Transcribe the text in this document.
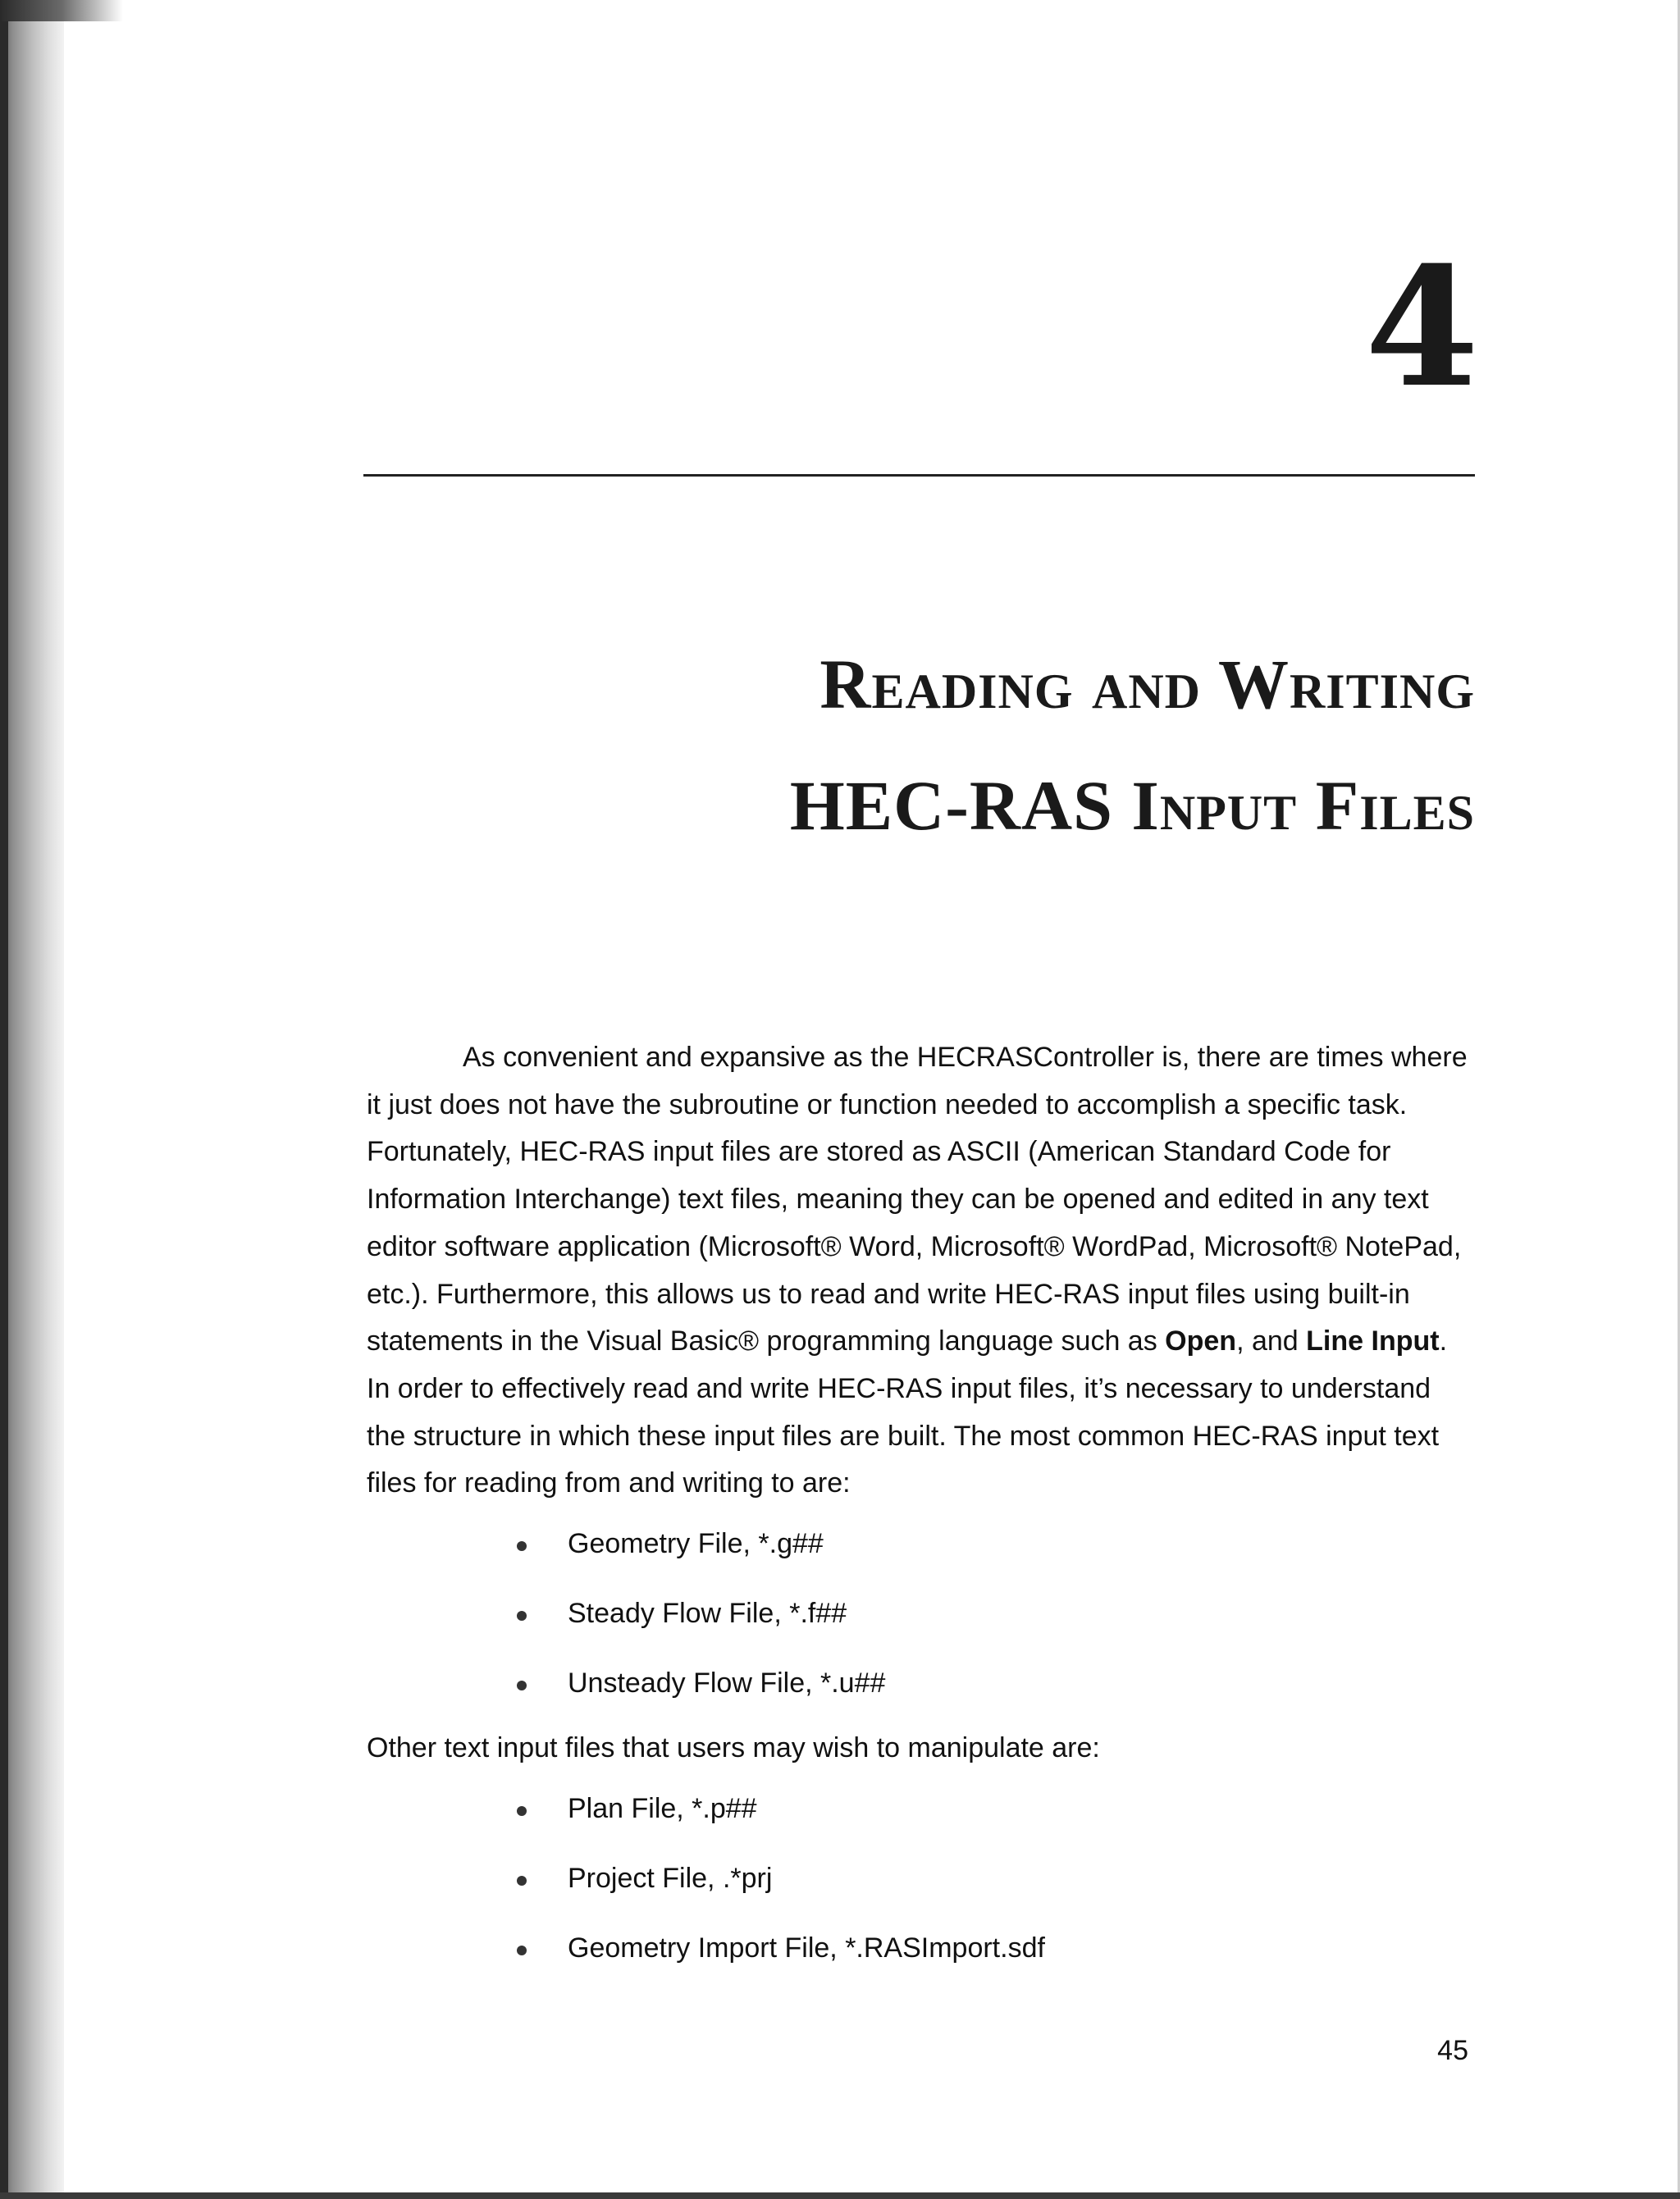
4
Reading and Writing
HEC-RAS Input Files

As convenient and expansive as the HECRASController is, there are times where it just does not have the subroutine or function needed to accomplish a specific task. Fortunately, HEC-RAS input files are stored as ASCII (American Standard Code for Information Interchange) text files, meaning they can be opened and edited in any text editor software application (Microsoft® Word, Microsoft® WordPad, Microsoft® NotePad, etc.). Furthermore, this allows us to read and write HEC-RAS input files using built-in statements in the Visual Basic® programming language such as Open, and Line Input. In order to effectively read and write HEC-RAS input files, it’s necessary to understand the structure in which these input files are built. The most common HEC-RAS input text files for reading from and writing to are:

Geometry File, *.g##
Steady Flow File, *.f##
Unsteady Flow File, *.u##

Other text input files that users may wish to manipulate are:

Plan File, *.p##
Project File, .*prj
Geometry Import File, *.RASImport.sdf
45
